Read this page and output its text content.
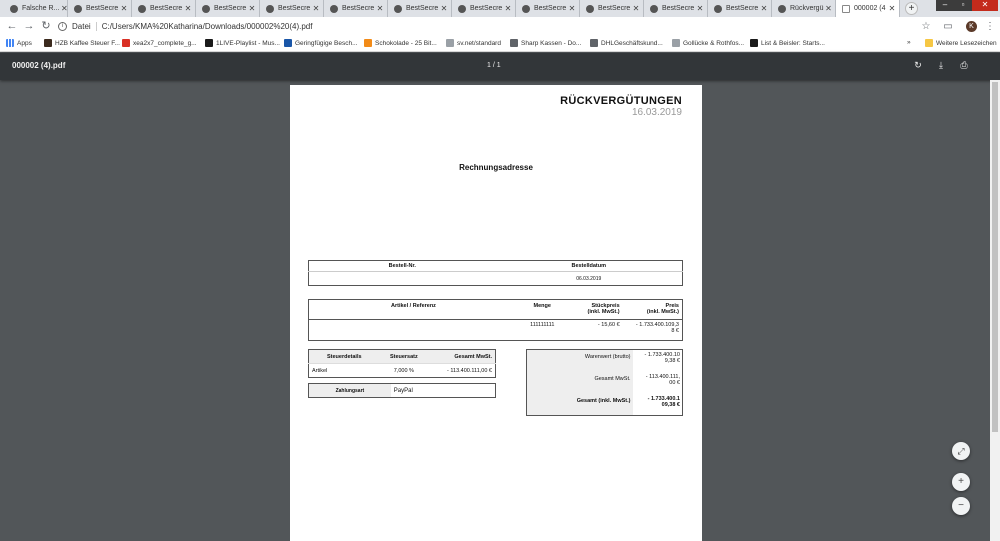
Falsche R... ✕	BestSecre ✕	BestSecre ✕	BestSecre ✕	BestSecre ✕	BestSecre ✕	BestSecre ✕	BestSecre ✕	BestSecre ✕	BestSecre ✕	BestSecre ✕	BestSecre ✕	Rückvergü ✕	000002 (4 ✕	+	–	▫	✕
← → ↻	i	Datei C:/Users/KMA%20Katharina/Downloads/000002%20(4).pdf	☆ ▭	K	⋮
Apps	HZB Kaffee Steuer F... xea2x7_complete_g...	1LIVE-Playlist - Mus... Geringfügige Besch...	Schokolade - 25 Bit...	sv.net/standard	Sharp Kassen - Do...	DHLGeschäftskund...	Gollücke & Rothfos...	List & Beisler: Starts...	»	Weitere Lesezeichen
000002 (4).pdf	1 / 1	↻	⤓	⎙
RÜCKVERGÜTUNGEN
16.03.2019
Rechnungsadresse
Bestell-Nr.	Bestelldatum
	06.03.2019
Artikel / Referenz	Menge	Stückpreis
(inkl. MwSt.)	Preis
(inkl. MwSt.)
	111111111	- 15,60 €	- 1.733.400.109,3
8 €
Steuerdetails	Steuersatz	Gesamt MwSt.
Artikel	7,000 %	- 113.400.111,00 €
Zahlungsart	PayPal
Warenwert (brutto)	- 1.733.400.10
9,38 €
Gesamt MwSt.	- 113.400.111,
00 €
Gesamt (inkl. MwSt.)	- 1.733.400.1
09,38 €
⤢
+
−
